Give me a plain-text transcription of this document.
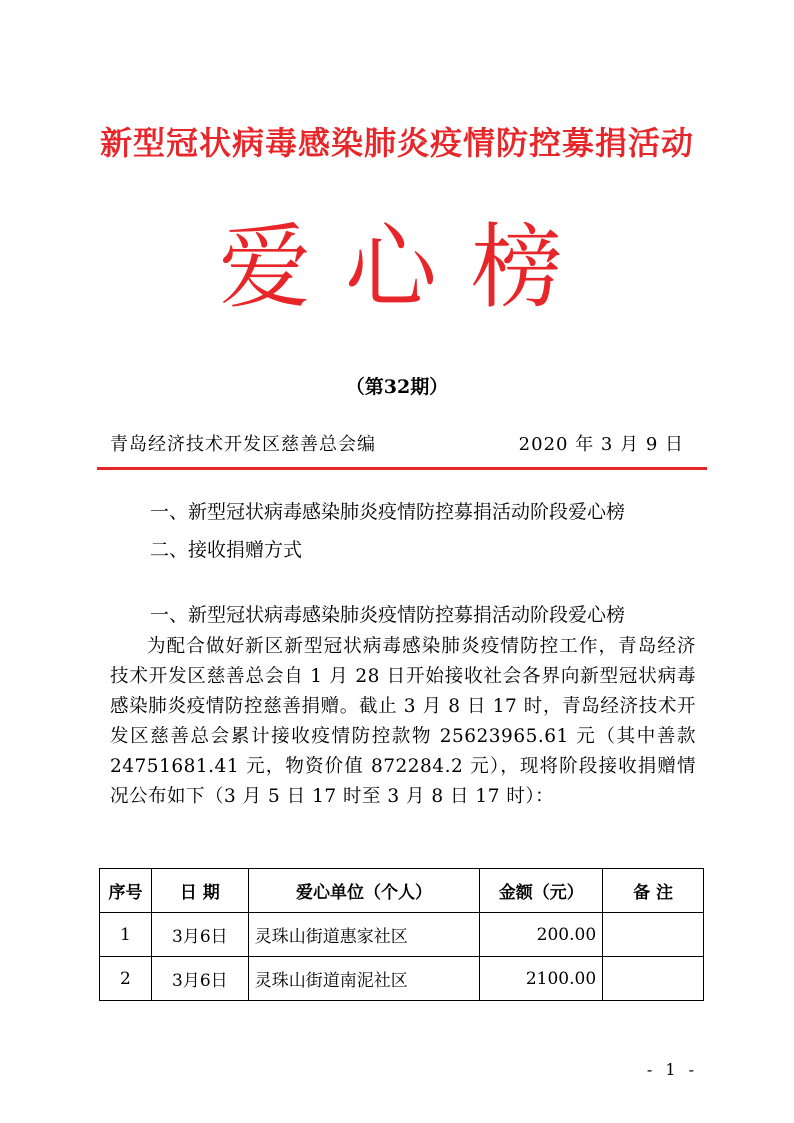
新型冠状病毒感染肺炎疫情防控募捐活动
爱心榜
（第32期）
青岛经济技术开发区慈善总会编	2020 年 3 月 9 日
一、新型冠状病毒感染肺炎疫情防控募捐活动阶段爱心榜
二、接收捐赠方式
一、新型冠状病毒感染肺炎疫情防控募捐活动阶段爱心榜
为配合做好新区新型冠状病毒感染肺炎疫情防控工作，青岛经济技术开发区慈善总会自 1 月 28 日开始接收社会各界向新型冠状病毒感染肺炎疫情防控慈善捐赠。截止 3 月 8 日 17 时，青岛经济技术开发区慈善总会累计接收疫情防控款物 25623965.61 元（其中善款 24751681.41 元，物资价值 872284.2 元），现将阶段接收捐赠情况公布如下（3 月 5 日 17 时至 3 月 8 日 17 时）：
序号	日 期	爱心单位（个人）	金额（元）	备 注
1	3月6日	灵珠山街道惠家社区	200.00	
2	3月6日	灵珠山街道南泥社区	2100.00	
- 1 -
